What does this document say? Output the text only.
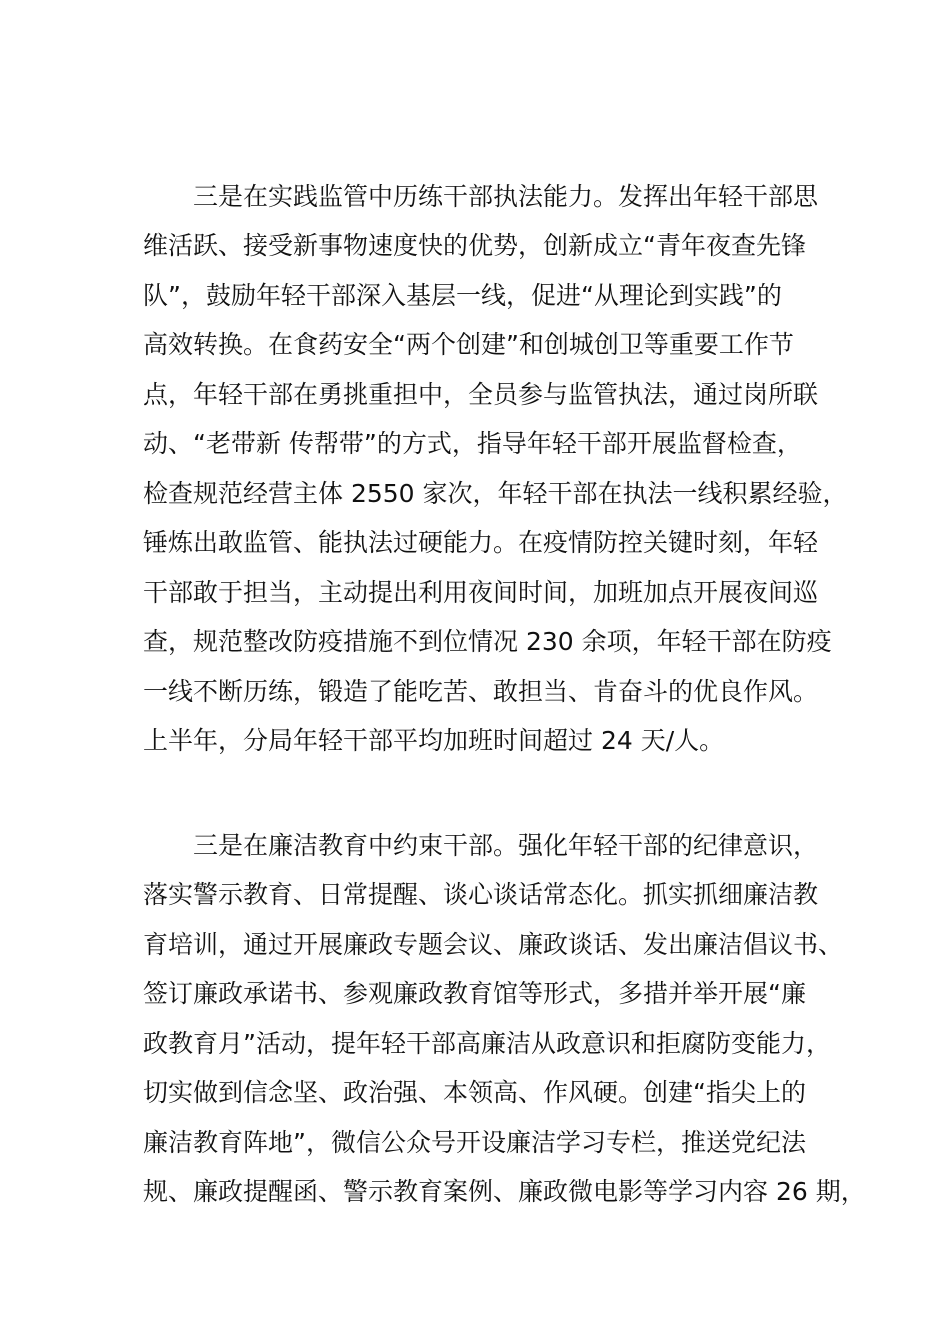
三是在实践监管中历练干部执法能力。发挥出年轻干部思
维活跃、接受新事物速度快的优势，创新成立“青年夜查先锋
队”，鼓励年轻干部深入基层一线，促进“从理论到实践”的
高效转换。在食药安全“两个创建”和创城创卫等重要工作节
点，年轻干部在勇挑重担中，全员参与监管执法，通过岗所联
动、“老带新 传帮带”的方式，指导年轻干部开展监督检查，
检查规范经营主体 2550 家次，年轻干部在执法一线积累经验，
锤炼出敢监管、能执法过硬能力。在疫情防控关键时刻，年轻
干部敢于担当，主动提出利用夜间时间，加班加点开展夜间巡
查，规范整改防疫措施不到位情况 230 余项，年轻干部在防疫
一线不断历练，锻造了能吃苦、敢担当、肯奋斗的优良作风。
上半年，分局年轻干部平均加班时间超过 24 天/人。
三是在廉洁教育中约束干部。强化年轻干部的纪律意识，
落实警示教育、日常提醒、谈心谈话常态化。抓实抓细廉洁教
育培训，通过开展廉政专题会议、廉政谈话、发出廉洁倡议书、
签订廉政承诺书、参观廉政教育馆等形式，多措并举开展“廉
政教育月”活动，提年轻干部高廉洁从政意识和拒腐防变能力，
切实做到信念坚、政治强、本领高、作风硬。创建“指尖上的
廉洁教育阵地”，微信公众号开设廉洁学习专栏，推送党纪法
规、廉政提醒函、警示教育案例、廉政微电影等学习内容 26 期，
